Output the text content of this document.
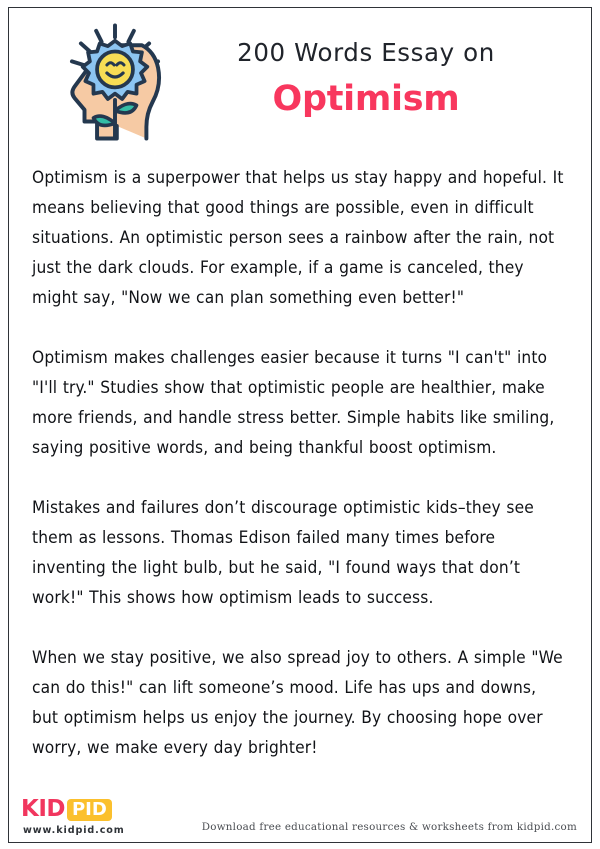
200 Words Essay on
Optimism

Optimism is a superpower that helps us stay happy and hopeful. It means believing that good things are possible, even in difficult situations. An optimistic person sees a rainbow after the rain, not just the dark clouds. For example, if a game is canceled, they might say, "Now we can plan something even better!"

Optimism makes challenges easier because it turns "I can't" into "I'll try." Studies show that optimistic people are healthier, make more friends, and handle stress better. Simple habits like smiling, saying positive words, and being thankful boost optimism.

Mistakes and failures don’t discourage optimistic kids–they see them as lessons. Thomas Edison failed many times before inventing the light bulb, but he said, "I found ways that don’t work!" This shows how optimism leads to success.

When we stay positive, we also spread joy to others. A simple "We can do this!" can lift someone’s mood. Life has ups and downs, but optimism helps us enjoy the journey. By choosing hope over worry, we make every day brighter!

KID PID
www.kidpid.com	Download free educational resources & worksheets from kidpid.com
